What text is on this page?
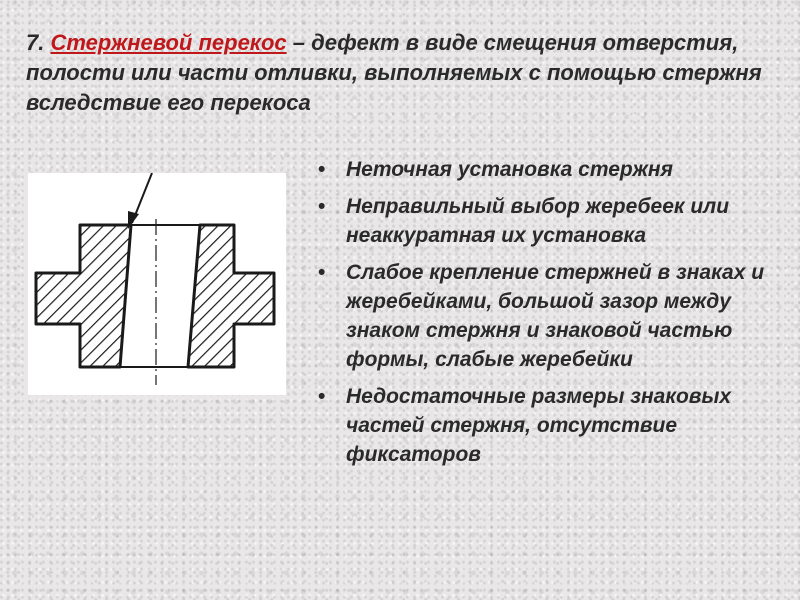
7. Стержневой перекос – дефект в виде смещения отверстия, полости или части отливки, выполняемых с помощью стержня вследствие его перекоса
• Неточная установка стержня
• Неправильный выбор жеребеек или неаккуратная их установка
• Слабое крепление стержней в знаках и жеребейками, большой зазор между знаком стержня и знаковой частью формы, слабые жеребейки
• Недостаточные размеры знаковых частей стержня, отсутствие фиксаторов
